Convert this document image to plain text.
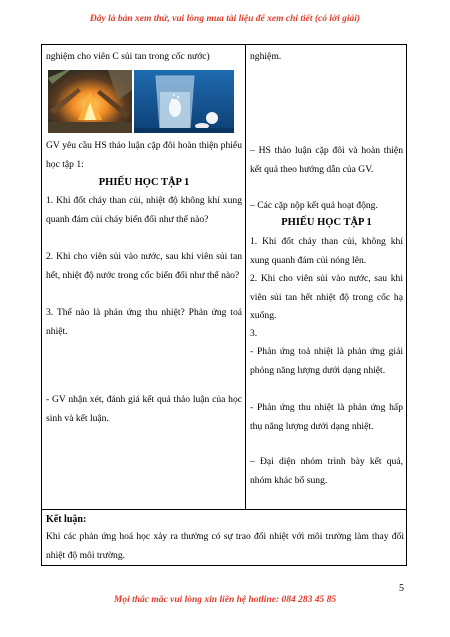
Đây là bản xem thử, vui lòng mua tài liệu để xem chi tiết (có lời giải)
nghiệm cho viên C sủi tan trong cốc nước)
GV yêu cầu HS thảo luận cặp đôi hoàn thiện phiếu học tập 1:
PHIẾU HỌC TẬP 1
1. Khi đốt cháy than củi, nhiệt độ không khí xung quanh đám củi cháy biến đổi như thế nào?
2. Khi cho viên sủi vào nước, sau khi viên sủi tan hết, nhiệt độ nước trong cốc biến đổi như thế nào?
3. Thế nào là phản ứng thu nhiệt? Phản ứng toả nhiệt.
- GV nhận xét, đánh giá kết quả thảo luận của học sinh và kết luận.
nghiệm.
– HS thảo luận cặp đôi và hoàn thiện kết quả theo hướng dẫn của GV.
– Các cặp nộp kết quả hoạt động.
PHIẾU HỌC TẬP 1
1. Khi đốt cháy than củi, không khí xung quanh đám củi nóng lên.
2. Khi cho viên sủi vào nước, sau khi viên sủi tan hết nhiệt độ trong cốc hạ xuống.
3.
- Phản ứng toả nhiệt là phản ứng giải phóng năng lượng dưới dạng nhiệt.
- Phản ứng thu nhiệt là phản ứng hấp thụ năng lượng dưới dạng nhiệt.
– Đại diện nhóm trình bày kết quả, nhóm khác bổ sung.
Kết luận:
Khi các phản ứng hoá học xảy ra thường có sự trao đổi nhiệt với môi trường làm thay đổi nhiệt độ môi trường.
5
Mọi thắc mắc vui lòng xin liên hệ hotline: 084 283 45 85
